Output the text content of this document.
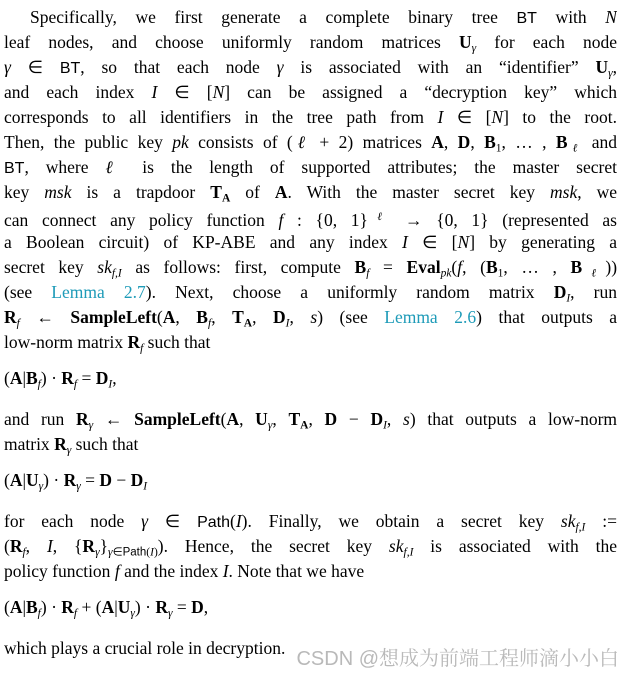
Specifically, we first generate a complete binary tree BT with N
leaf nodes, and choose uniformly random matrices $U_\gamma$ for each node
γ ∈ BT, so that each node γ is associated with an “identifier” $U_\gamma$,
and each index I ∈ [N] can be assigned a “decryption key” which
corresponds to all identifiers in the tree path from I ∈ [N] to the root.
Then, the public key pk consists of (ℓ + 2) matrices A, D, $B_1$, … , $B_\ell$ and
BT, where ℓ is the length of supported attributes; the master secret
key msk is a trapdoor $T_A$ of A. With the master secret key msk, we
can connect any policy function f : {0, 1}$^\ell$ → {0, 1} (represented as
a Boolean circuit) of KP-ABE and any index I ∈ [N] by generating a
secret key $sk_{f,I}$ as follows: first, compute $B_f$ = Eval$_{pk}$(f, ($B_1$, … , $B_\ell$))
(see Lemma 2.7). Next, choose a uniformly random matrix $D_I$, run
$R_f$ ← SampleLeft(A, $B_f$, $T_A$, $D_I$, s) (see Lemma 2.6) that outputs a
low-norm matrix $R_f$ such that
$(A|B_f) \cdot R_f = D_I$,
and run $R_\gamma$ ← SampleLeft(A, $U_\gamma$, $T_A$, $D - D_I$, s) that outputs a low-norm
matrix $R_\gamma$ such that
$(A|U_\gamma) \cdot R_\gamma = D - D_I$
for each node γ ∈ Path(I). Finally, we obtain a secret key $sk_{f,I}$ :=
($R_f$, I, $\{R_\gamma\}_{\gamma\in Path(I)}$). Hence, the secret key $sk_{f,I}$ is associated with the
policy function f and the index I. Note that we have
$(A|B_f) \cdot R_f + (A|U_\gamma) \cdot R_\gamma = D$,
which plays a crucial role in decryption. CSDN @想成为前端工程师滴小小白
